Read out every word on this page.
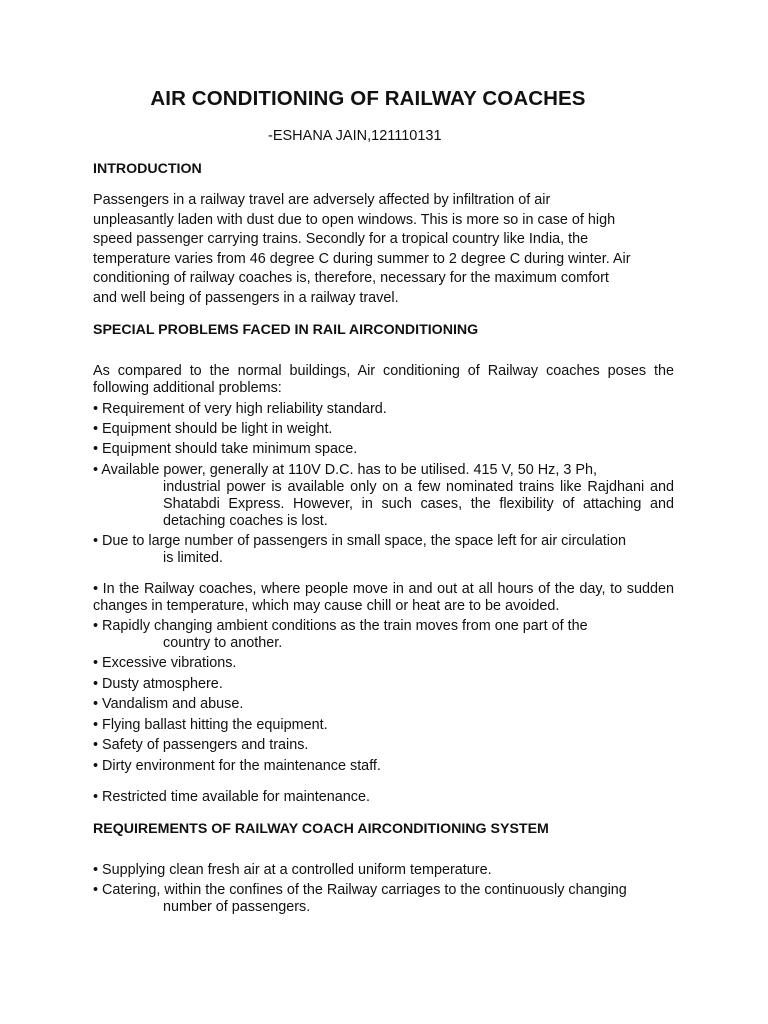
AIR CONDITIONING OF RAILWAY COACHES
-ESHANA JAIN,121110131
INTRODUCTION
Passengers in a railway travel are adversely affected by infiltration of air
unpleasantly laden with dust due to open windows. This is more so in case of high
speed passenger carrying trains. Secondly for a tropical country like India, the
temperature varies from 46 degree C during summer to 2 degree C during winter. Air
conditioning of railway coaches is, therefore, necessary for the maximum comfort
and well being of passengers in a railway travel.
SPECIAL PROBLEMS FACED IN RAIL AIRCONDITIONING
As compared to the normal buildings, Air conditioning of Railway coaches poses the following additional problems:
• Requirement of very high reliability standard.
• Equipment should be light in weight.
• Equipment should take minimum space.
• Available power, generally at 110V D.C. has to be utilised. 415 V, 50 Hz, 3 Ph,
industrial power is available only on a few nominated trains like Rajdhani and Shatabdi Express. However, in such cases, the flexibility of attaching and detaching coaches is lost.
• Due to large number of passengers in small space, the space left for air circulation
is limited.
• In the Railway coaches, where people move in and out at all hours of the day, to sudden changes in temperature, which may cause chill or heat are to be avoided.
• Rapidly changing ambient conditions as the train moves from one part of the
country to another.
• Excessive vibrations.
• Dusty atmosphere.
• Vandalism and abuse.
• Flying ballast hitting the equipment.
• Safety of passengers and trains.
• Dirty environment for the maintenance staff.
• Restricted time available for maintenance.
REQUIREMENTS OF RAILWAY COACH AIRCONDITIONING SYSTEM
• Supplying clean fresh air at a controlled uniform temperature.
• Catering, within the confines of the Railway carriages to the continuously changing
number of passengers.
